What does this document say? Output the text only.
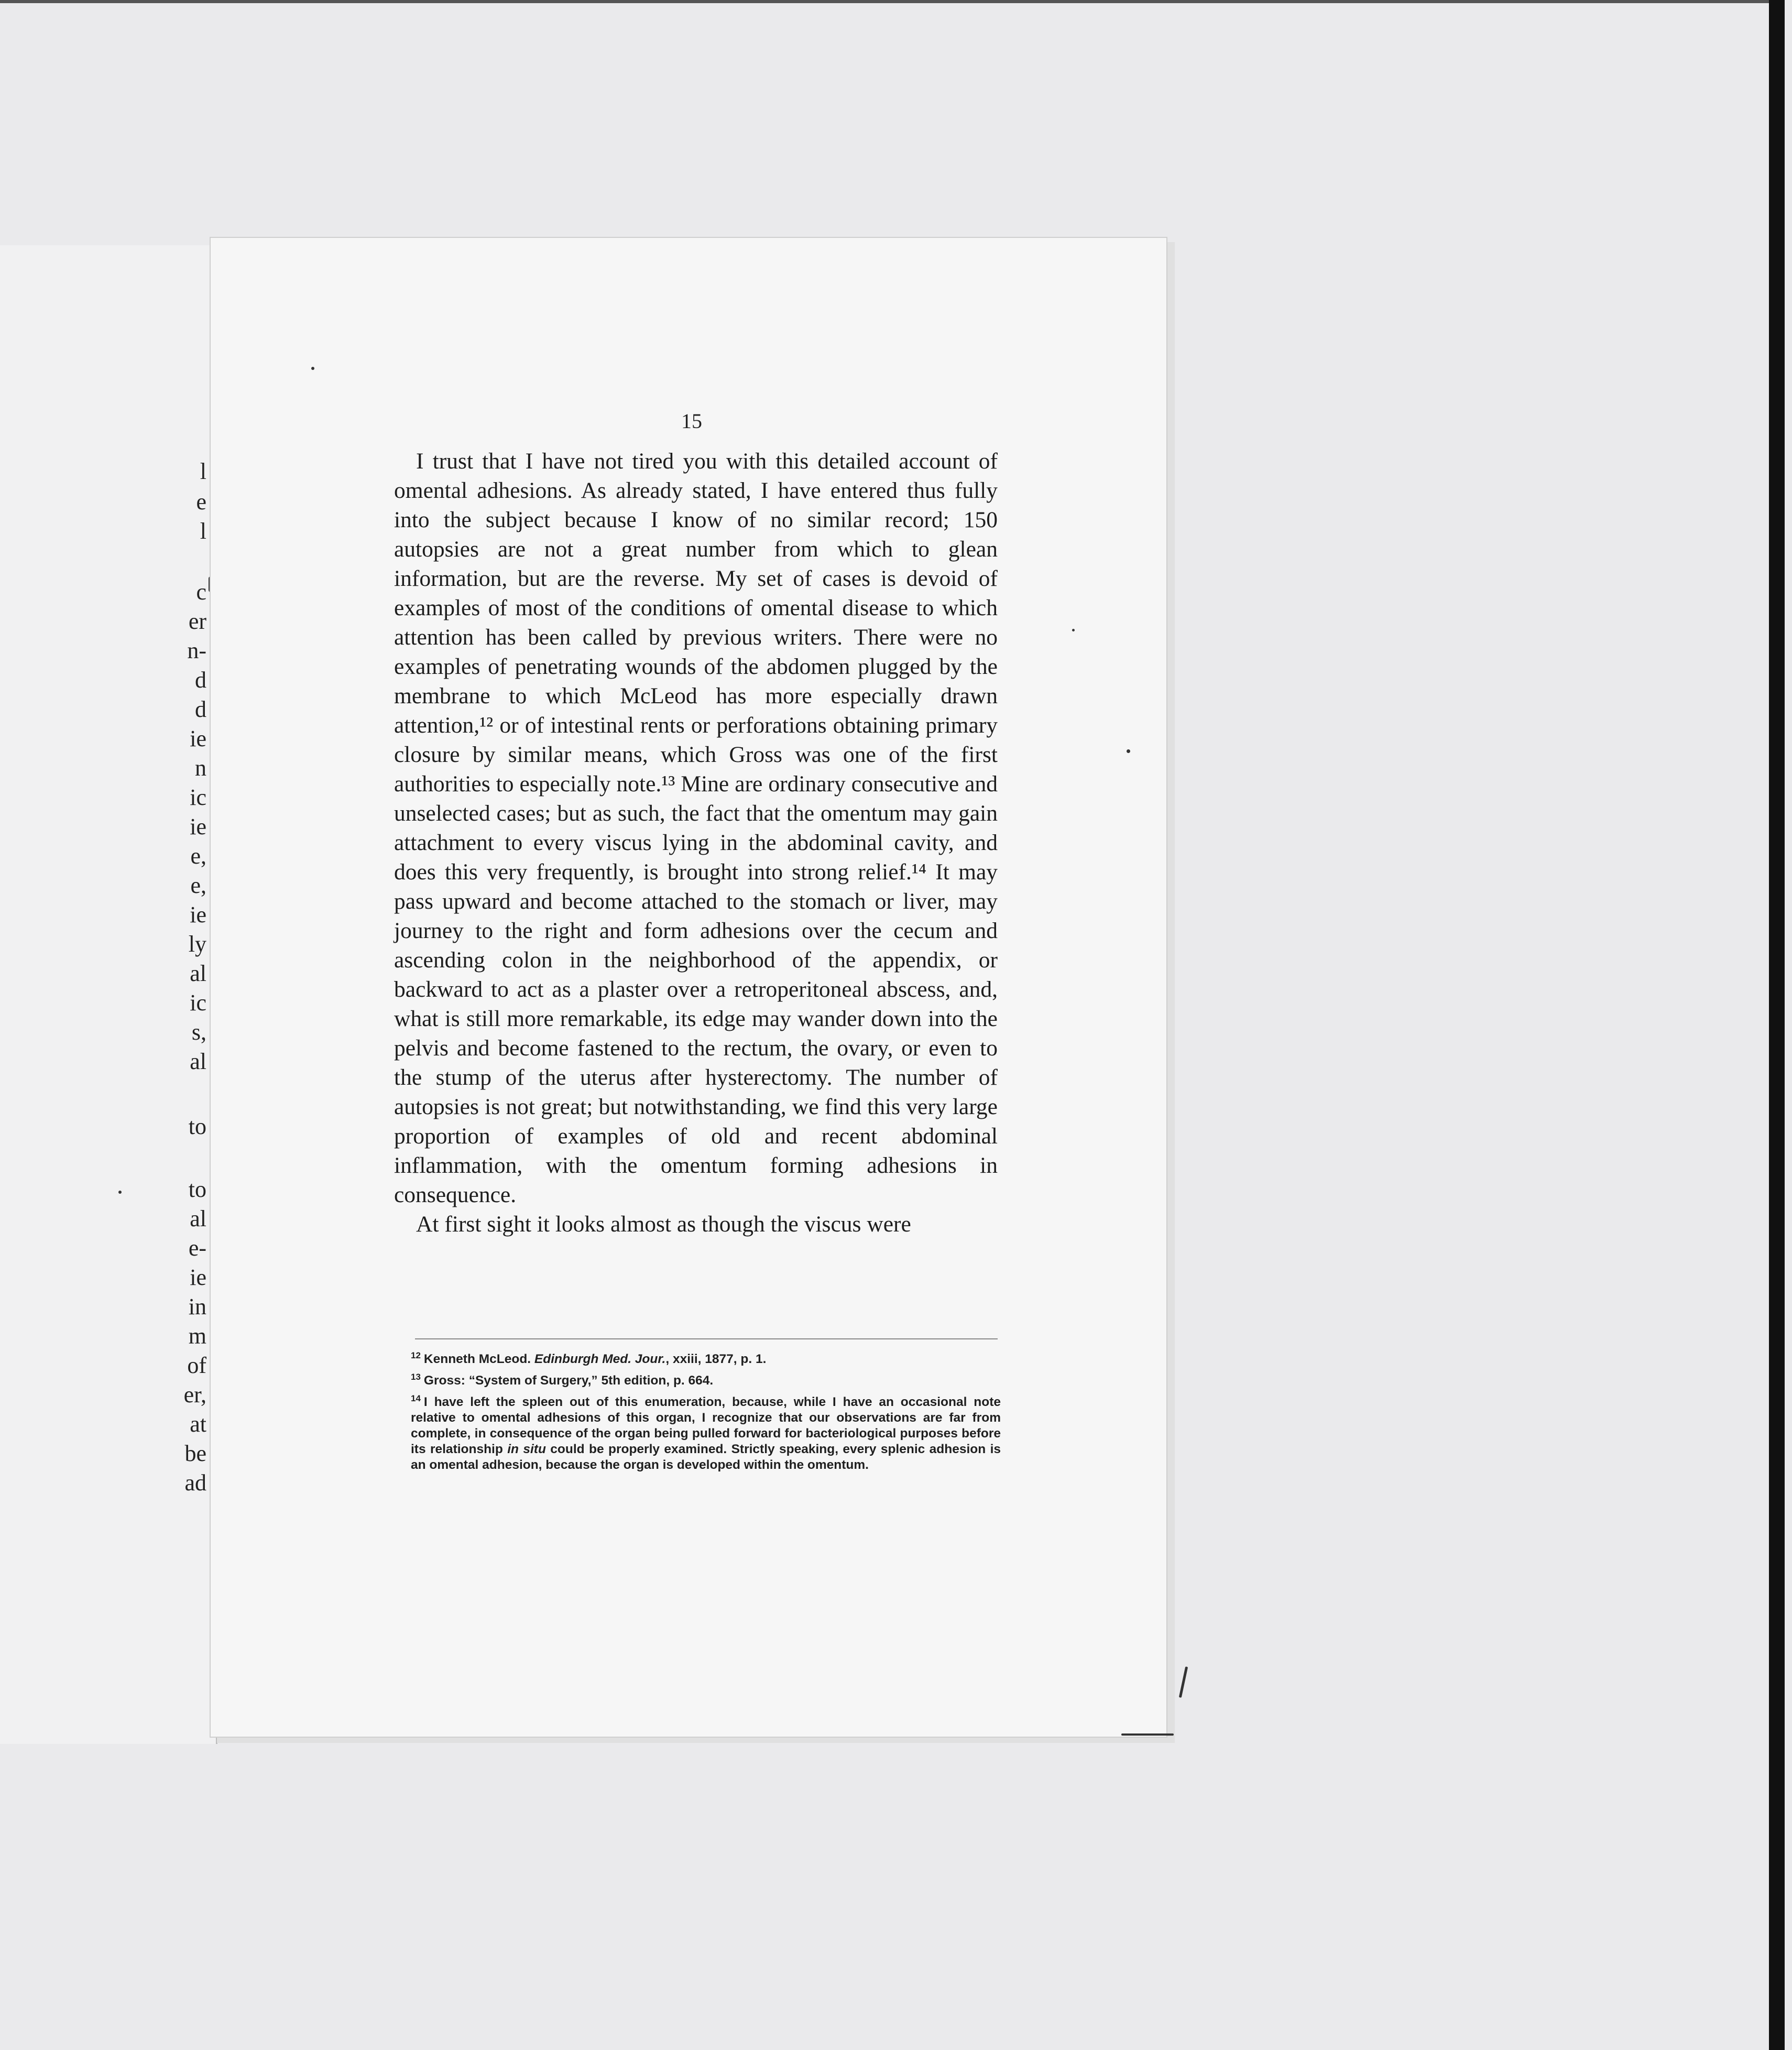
l
e
l
c
er
n-
d
d
ie
n
ic
ie
e,
e,
ie
ly
al
ic
s,
al
to
to
al
e-
ie
in
m
of
er,
at
be
ad
15

I trust that I have not tired you with this detailed account of omental adhesions. As already stated, I have entered thus fully into the subject because I know of no similar record; 150 autopsies are not a great number from which to glean information, but are the reverse. My set of cases is devoid of examples of most of the conditions of omental disease to which attention has been called by previous writers. There were no examples of penetrating wounds of the abdomen plugged by the membrane to which McLeod has more especially drawn attention,¹² or of intestinal rents or perforations obtaining primary closure by similar means, which Gross was one of the first authorities to especially note.¹³ Mine are ordinary consecutive and unselected cases; but as such, the fact that the omentum may gain attachment to every viscus lying in the abdominal cavity, and does this very frequently, is brought into strong relief.¹⁴ It may pass upward and become attached to the stomach or liver, may journey to the right and form adhesions over the cecum and ascending colon in the neighborhood of the appendix, or backward to act as a plaster over a retroperitoneal abscess, and, what is still more remarkable, its edge may wander down into the pelvis and become fastened to the rectum, the ovary, or even to the stump of the uterus after hysterectomy. The number of autopsies is not great; but notwithstanding, we find this very large proportion of examples of old and recent abdominal inflammation, with the omentum forming adhesions in consequence.

At first sight it looks almost as though the viscus were

$^{12}$ Kenneth McLeod. Edinburgh Med. Jour., xxiii, 1877, p. 1.

$^{13}$ Gross: “System of Surgery,” 5th edition, p. 664.

$^{14}$ I have left the spleen out of this enumeration, because, while I have an occasional note relative to omental adhesions of this organ, I recognize that our observations are far from complete, in consequence of the organ being pulled forward for bacteriological purposes before its relationship in situ could be properly examined. Strictly speaking, every splenic adhesion is an omental adhesion, because the organ is developed within the omentum.
